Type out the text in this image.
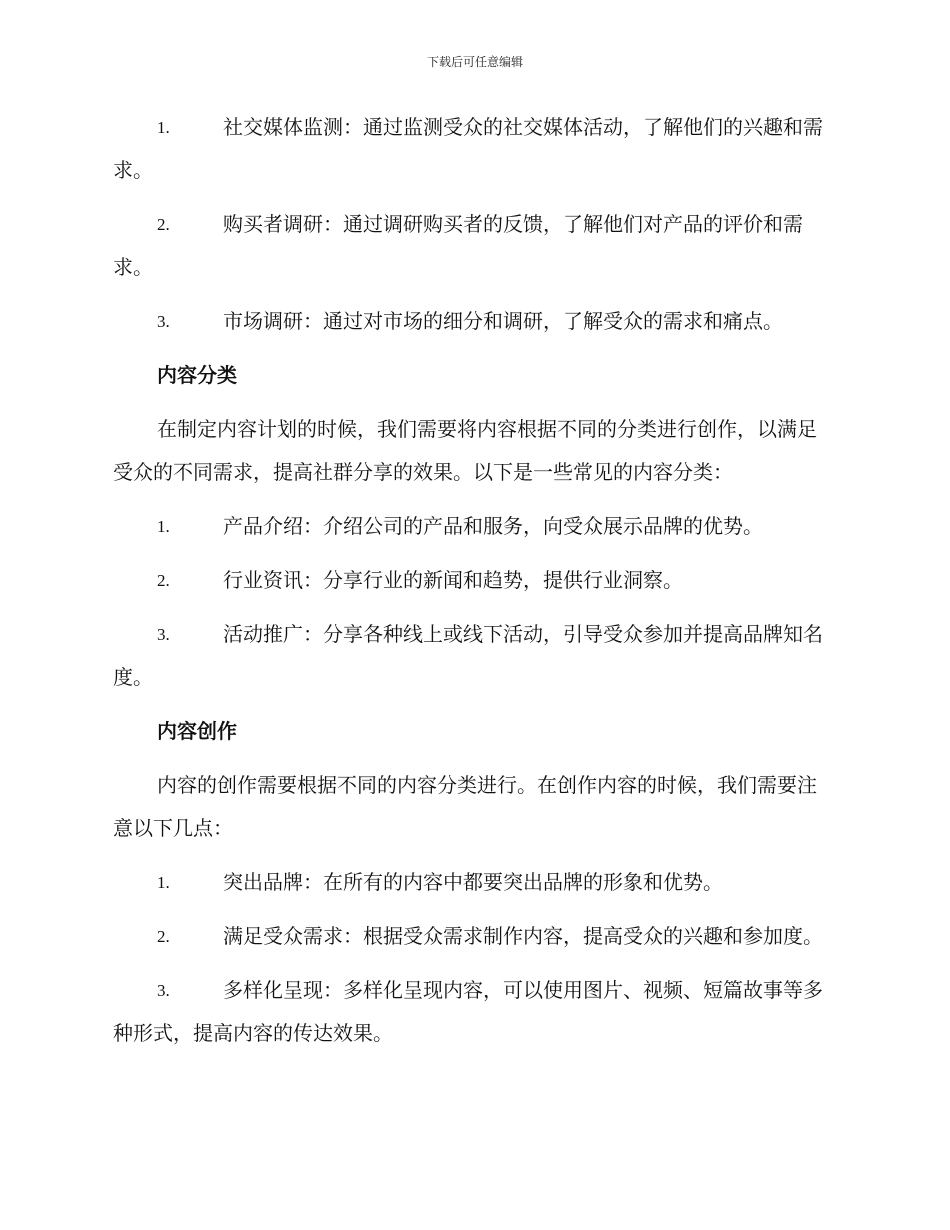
下载后可任意编辑
1.	社交媒体监测：通过监测受众的社交媒体活动，了解他们的兴趣和需求。
2.	购买者调研：通过调研购买者的反馈，了解他们对产品的评价和需求。
3.	市场调研：通过对市场的细分和调研，了解受众的需求和痛点。
内容分类
在制定内容计划的时候，我们需要将内容根据不同的分类进行创作，以满足受众的不同需求，提高社群分享的效果。以下是一些常见的内容分类：
1.	产品介绍：介绍公司的产品和服务，向受众展示品牌的优势。
2.	行业资讯：分享行业的新闻和趋势，提供行业洞察。
3.	活动推广：分享各种线上或线下活动，引导受众参加并提高品牌知名度。
内容创作
内容的创作需要根据不同的内容分类进行。在创作内容的时候，我们需要注意以下几点：
1.	突出品牌：在所有的内容中都要突出品牌的形象和优势。
2.	满足受众需求：根据受众需求制作内容，提高受众的兴趣和参加度。
3.	多样化呈现：多样化呈现内容，可以使用图片、视频、短篇故事等多种形式，提高内容的传达效果。
